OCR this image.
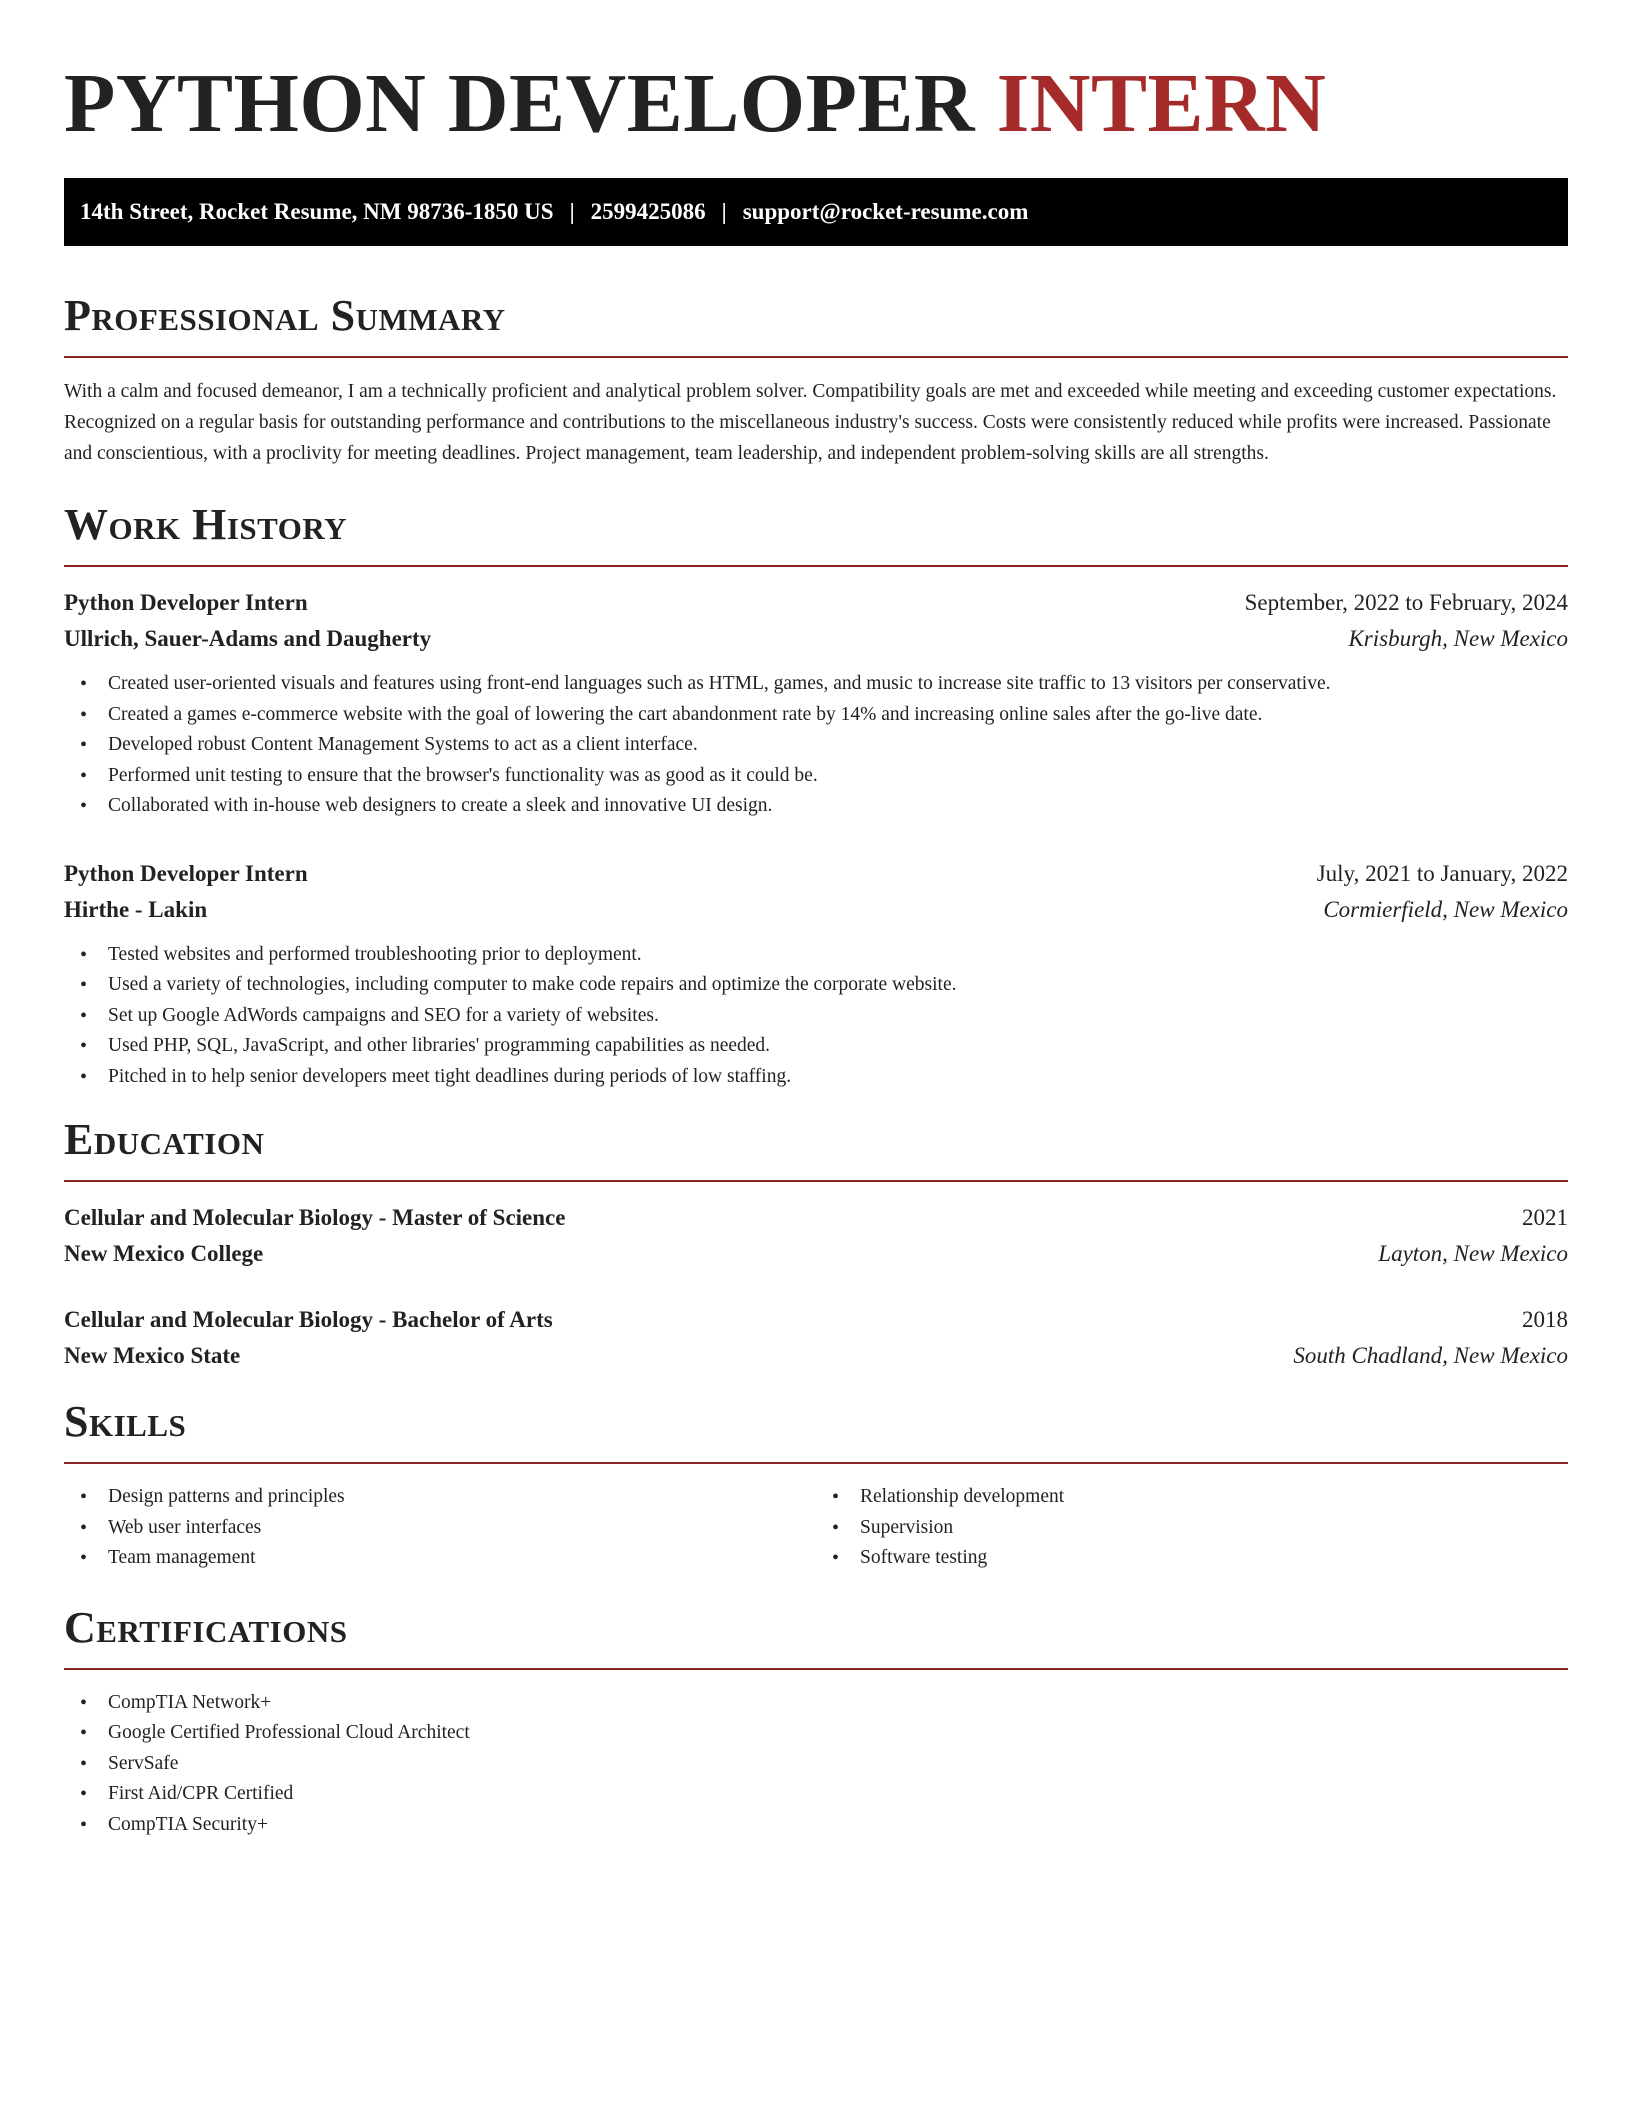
PYTHON DEVELOPER INTERN
14th Street, Rocket Resume, NM 98736-1850 US | 2599425086 | support@rocket-resume.com
Professional Summary

With a calm and focused demeanor, I am a technically proficient and analytical problem solver. Compatibility goals are met and exceeded while meeting and exceeding customer expectations. Recognized on a regular basis for outstanding performance and contributions to the miscellaneous industry's success. Costs were consistently reduced while profits were increased. Passionate and conscientious, with a proclivity for meeting deadlines. Project management, team leadership, and independent problem-solving skills are all strengths.

Work History
Python Developer Intern	September, 2022 to February, 2024
Ullrich, Sauer-Adams and Daugherty	Krisburgh, New Mexico
• Created user-oriented visuals and features using front-end languages such as HTML, games, and music to increase site traffic to 13 visitors per conservative.
• Created a games e-commerce website with the goal of lowering the cart abandonment rate by 14% and increasing online sales after the go-live date.
• Developed robust Content Management Systems to act as a client interface.
• Performed unit testing to ensure that the browser's functionality was as good as it could be.
• Collaborated with in-house web designers to create a sleek and innovative UI design.
Python Developer Intern	July, 2021 to January, 2022
Hirthe - Lakin	Cormierfield, New Mexico
• Tested websites and performed troubleshooting prior to deployment.
• Used a variety of technologies, including computer to make code repairs and optimize the corporate website.
• Set up Google AdWords campaigns and SEO for a variety of websites.
• Used PHP, SQL, JavaScript, and other libraries' programming capabilities as needed.
• Pitched in to help senior developers meet tight deadlines during periods of low staffing.
Education
Cellular and Molecular Biology - Master of Science	2021
New Mexico College	Layton, New Mexico
Cellular and Molecular Biology - Bachelor of Arts	2018
New Mexico State	South Chadland, New Mexico
Skills
• Design patterns and principles
• Web user interfaces
• Team management
• Relationship development
• Supervision
• Software testing
Certifications
• CompTIA Network+
• Google Certified Professional Cloud Architect
• ServSafe
• First Aid/CPR Certified
• CompTIA Security+
